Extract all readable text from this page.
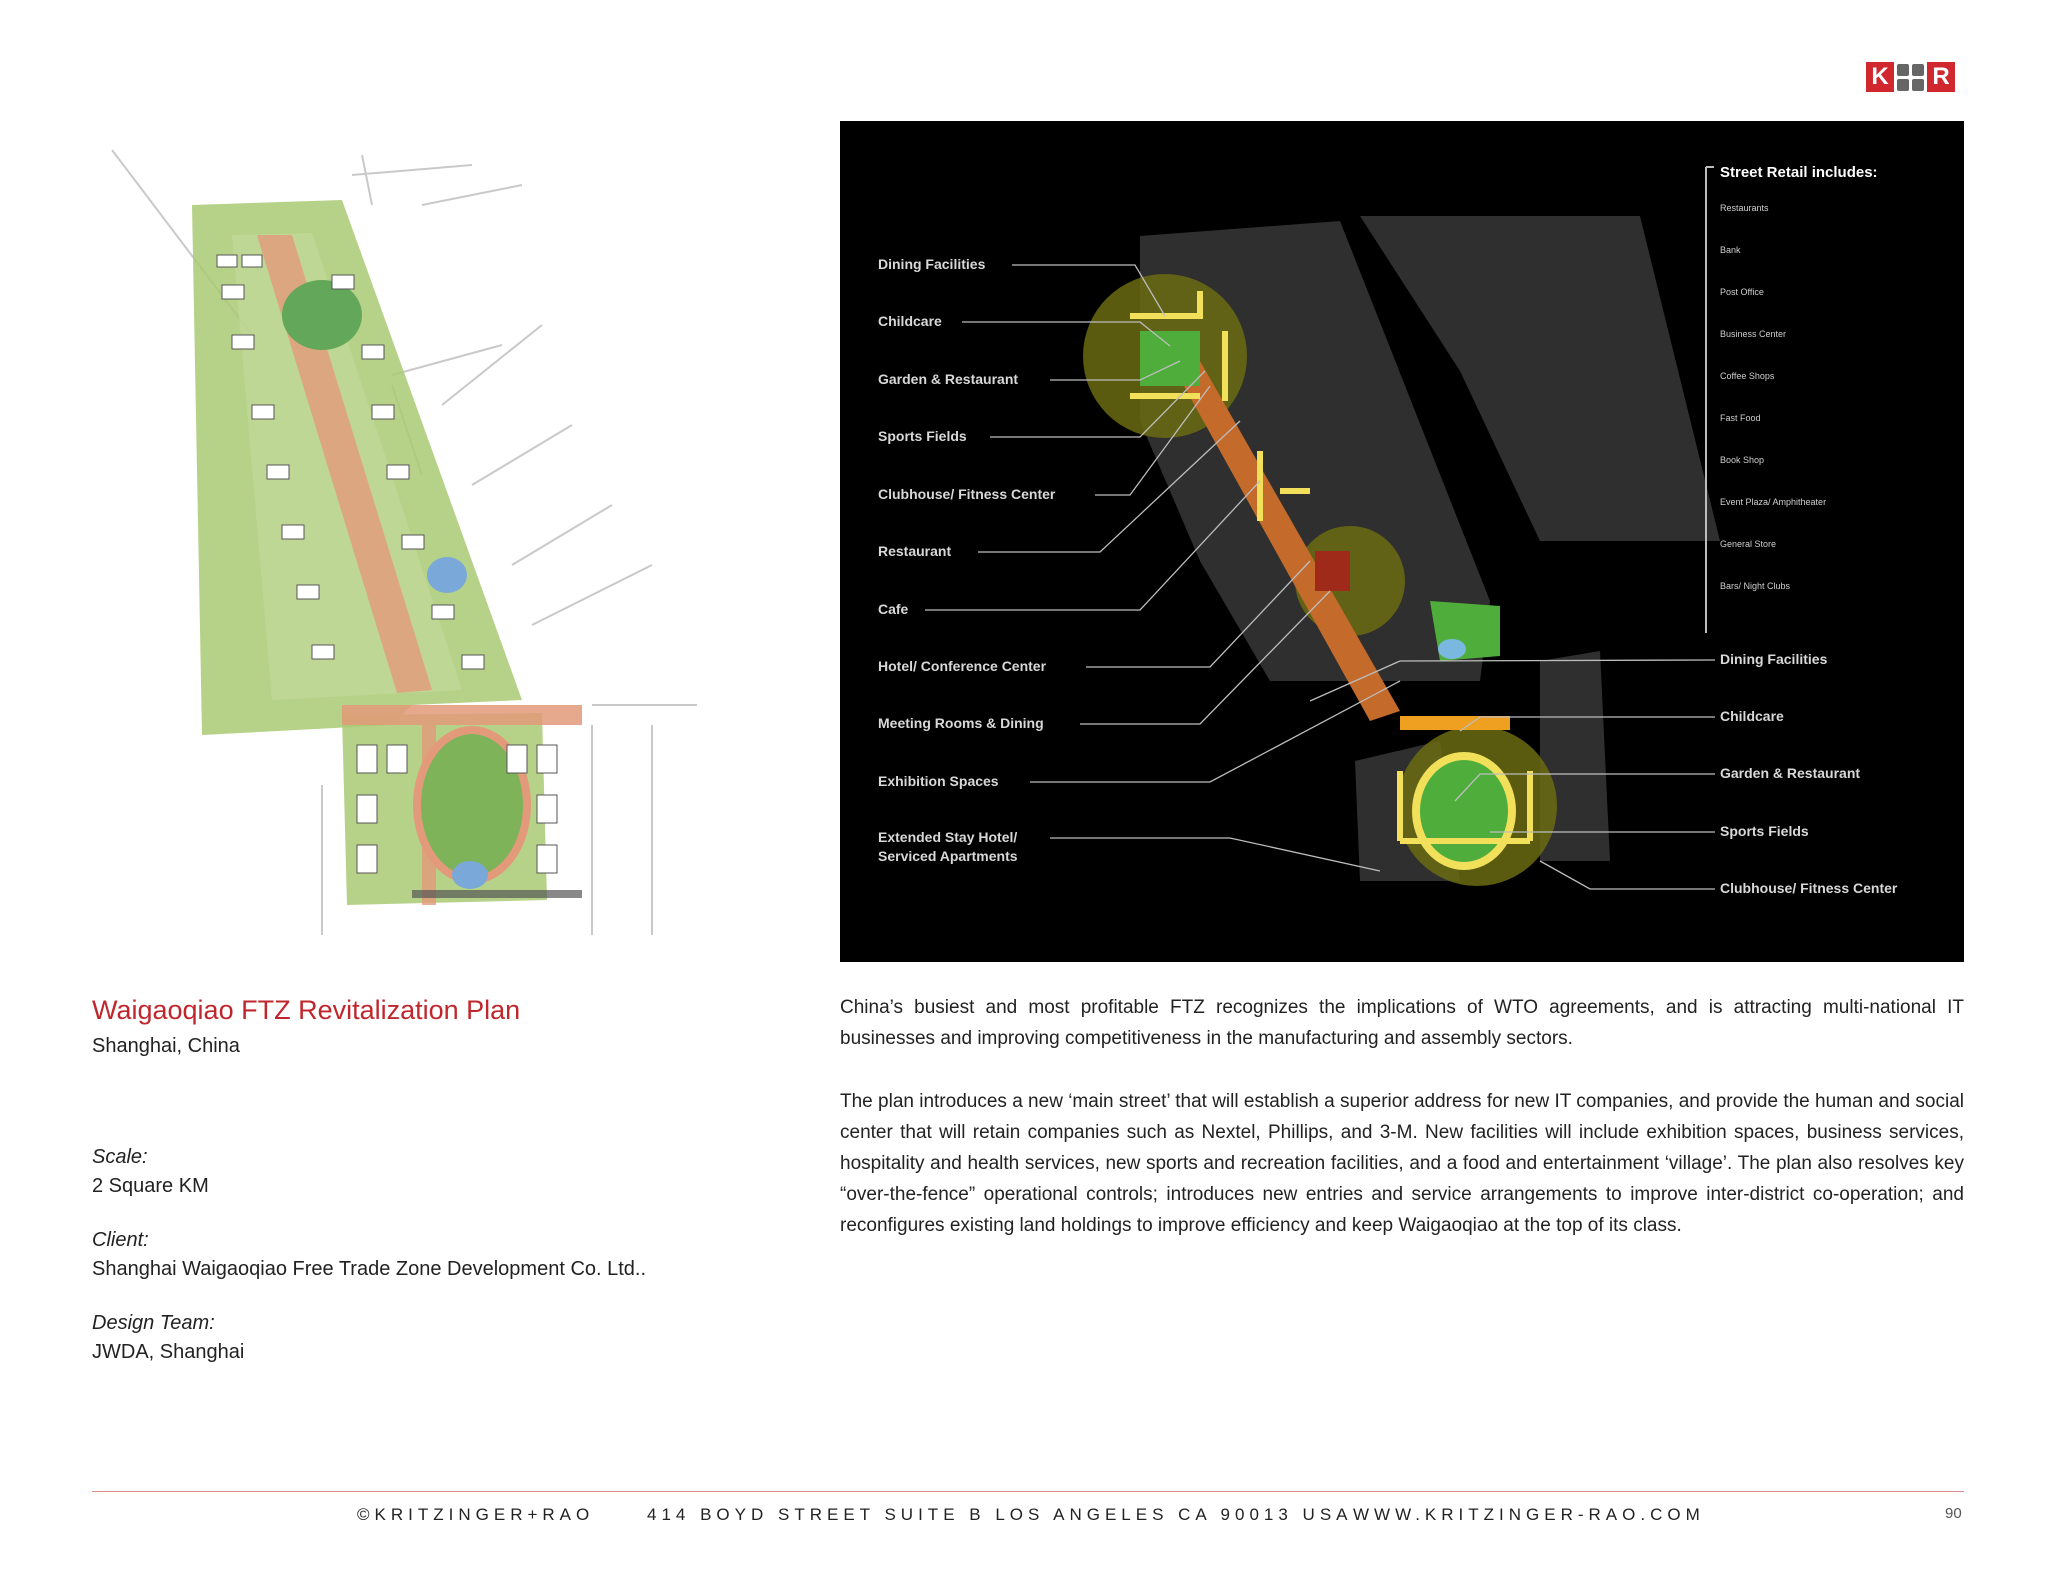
K R
Street Retail includes:
Restaurants
Bank
Post Office
Business Center
Coffee Shops
Fast Food
Book Shop
Event Plaza/ Amphitheater
General Store
Bars/ Night Clubs
Dining Facilities
Childcare
Garden & Restaurant
Sports Fields
Clubhouse/ Fitness Center
Restaurant
Cafe
Hotel/ Conference Center
Meeting Rooms & Dining
Exhibition Spaces
Extended Stay Hotel/
Serviced Apartments
Dining Facilities
Childcare
Garden & Restaurant
Sports Fields
Clubhouse/ Fitness Center
Waigaoqiao FTZ Revitalization Plan
Shanghai, China
Scale:
2 Square KM
Client:
Shanghai Waigaoqiao Free Trade Zone Development Co. Ltd..
Design Team:
JWDA, Shanghai

China’s busiest and most profitable FTZ recognizes the implications of WTO agreements, and is attracting multi-national IT businesses and improving competitiveness in the manufacturing and assembly sectors.

The plan introduces a new ‘main street’ that will establish a superior address for new IT companies, and provide the human and social center that will retain companies such as Nextel, Phillips, and 3-M. New facilities will include exhibition spaces, business services, hospitality and health services, new sports and recreation facilities, and a food and entertainment ‘village’. The plan also resolves key “over-the-fence” operational controls; introduces new entries and service arrangements to improve inter-district co-operation; and reconfigures existing land holdings to improve efficiency and keep Waigaoqiao at the top of its class.

©KRITZINGER+RAO	414 BOYD STREET SUITE B LOS ANGELES CA 90013 USA WWW.KRITZINGER-RAO.COM	90
